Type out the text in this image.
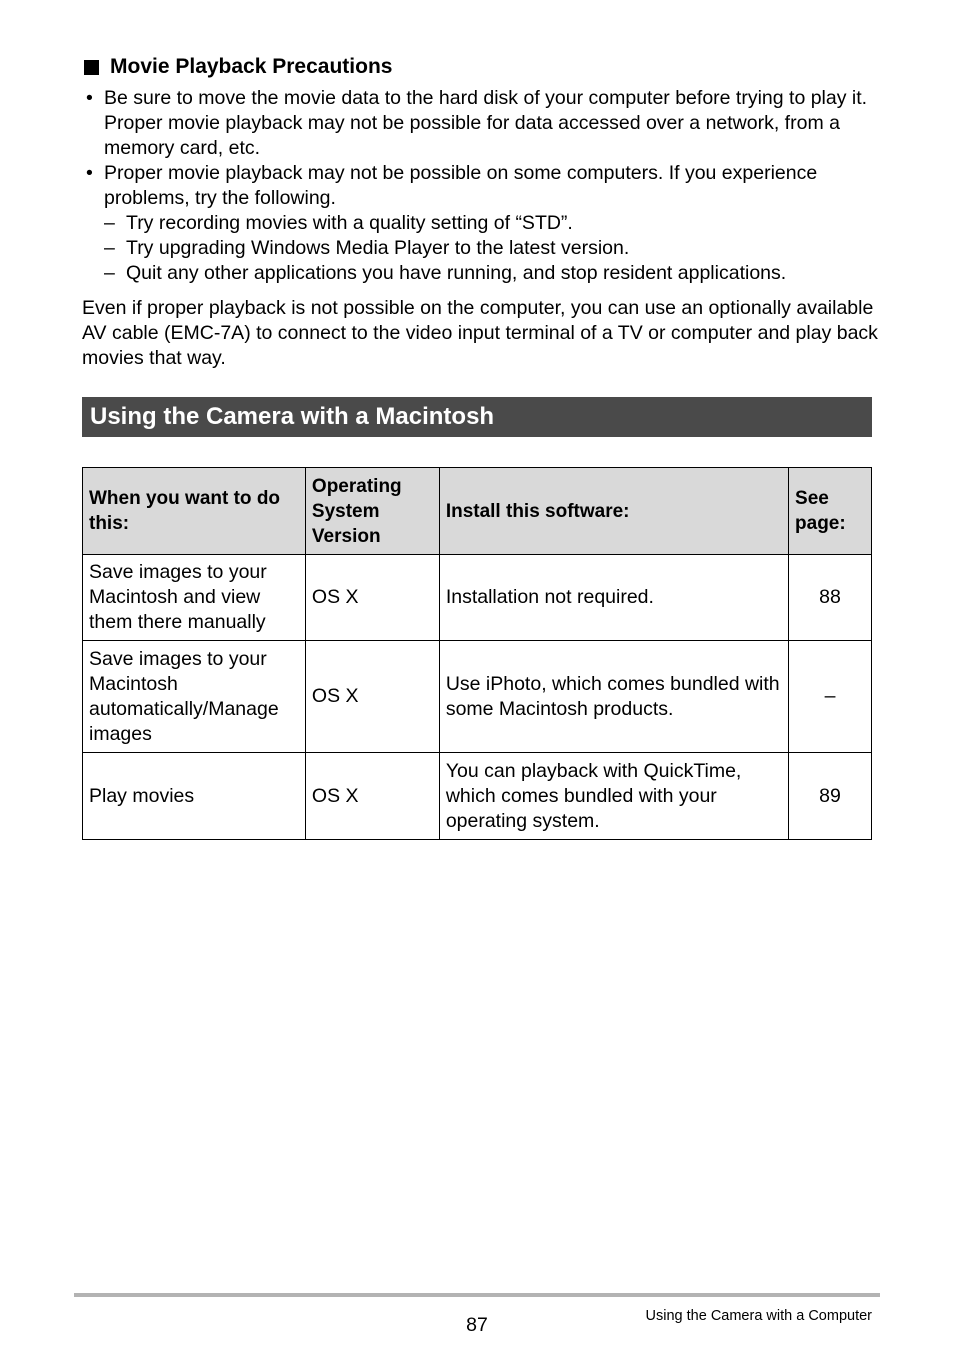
Movie Playback Precautions
• Be sure to move the movie data to the hard disk of your computer before trying to play it. Proper movie playback may not be possible for data accessed over a network, from a memory card, etc.
• Proper movie playback may not be possible on some computers. If you experience problems, try the following.
– Try recording movies with a quality setting of “STD”.
– Try upgrading Windows Media Player to the latest version.
– Quit any other applications you have running, and stop resident applications.
Even if proper playback is not possible on the computer, you can use an optionally available AV cable (EMC-7A) to connect to the video input terminal of a TV or computer and play back movies that way.
Using the Camera with a Macintosh
When you want to do this:	Operating System Version	Install this software:	See page:
Save images to your Macintosh and view them there manually	OS X	Installation not required.	88
Save images to your Macintosh automatically/Manage images	OS X	Use iPhoto, which comes bundled with some Macintosh products.	–
Play movies	OS X	You can playback with QuickTime, which comes bundled with your operating system.	89
87	Using the Camera with a Computer
